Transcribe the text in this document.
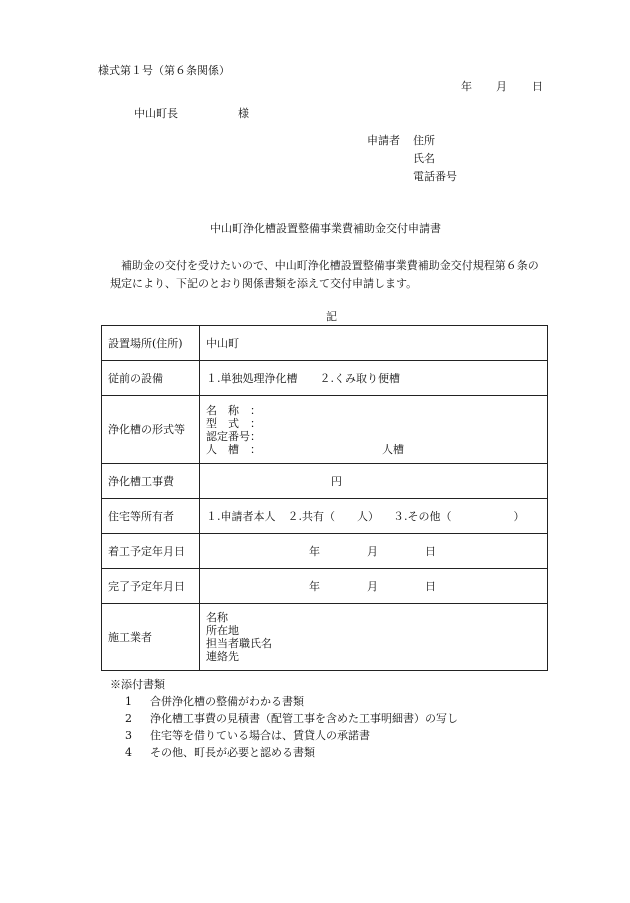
様式第１号（第６条関係）
年 月 日
中山町長	様
申請者 住所
氏名
電話番号
中山町浄化槽設置整備事業費補助金交付申請書
補助金の交付を受けたいので、中山町浄化槽設置整備事業費補助金交付規程第６条の
規定により、下記のとおり関係書類を添えて交付申請します。
記
設置場所(住所)	中山町
従前の設備	１.単独処理浄化槽 ２.くみ取り便槽
浄化槽の形式等	名　称　：
型　式　：
認定番号：
人　槽　： 人槽

浄化槽工事費	円
住宅等所有者	１.申請者本人 ２.共有（　　人） ３.その他（ ）
着工予定年月日	年 月 日
完了予定年月日	年 月 日
施工業者	名称
所在地
担当者職氏名
連絡先
※添付書類
1 合併浄化槽の整備がわかる書類
2 浄化槽工事費の見積書（配管工事を含めた工事明細書）の写し
3 住宅等を借りている場合は、賃貸人の承諾書
4 その他、町長が必要と認める書類
